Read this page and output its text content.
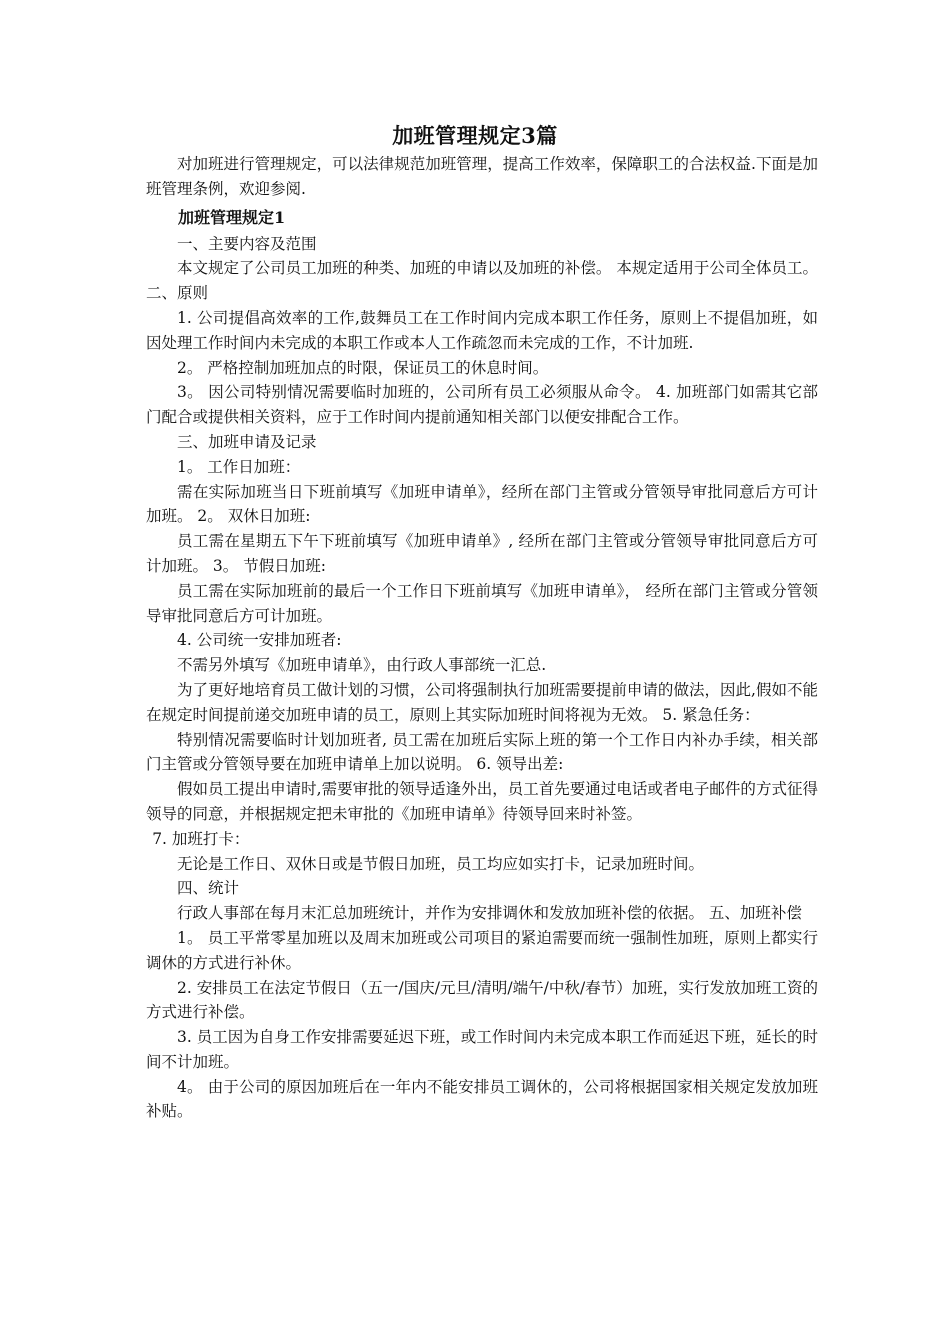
加班管理规定3篇

对加班进行管理规定，可以法律规范加班管理，提高工作效率，保障职工的合法权益.下面是加班管理条例，欢迎参阅.

加班管理规定1

一、主要内容及范围

本文规定了公司员工加班的种类、加班的申请以及加班的补偿。 本规定适用于公司全体员工。 二、原则

1. 公司提倡高效率的工作,鼓舞员工在工作时间内完成本职工作任务，原则上不提倡加班，如因处理工作时间内未完成的本职工作或本人工作疏忽而未完成的工作，不计加班.

2。 严格控制加班加点的时限，保证员工的休息时间。

3。 因公司特别情况需要临时加班的，公司所有员工必须服从命令。 4. 加班部门如需其它部门配合或提供相关资料，应于工作时间内提前通知相关部门以便安排配合工作。

三、加班申请及记录

1。 工作日加班：

需在实际加班当日下班前填写《加班申请单》，经所在部门主管或分管领导审批同意后方可计加班。 2。 双休日加班:

员工需在星期五下午下班前填写《加班申请单》, 经所在部门主管或分管领导审批同意后方可计加班。 3。 节假日加班:

员工需在实际加班前的最后一个工作日下班前填写《加班申请单》， 经所在部门主管或分管领导审批同意后方可计加班。

4. 公司统一安排加班者:

不需另外填写《加班申请单》，由行政人事部统一汇总.

为了更好地培育员工做计划的习惯，公司将强制执行加班需要提前申请的做法，因此,假如不能在规定时间提前递交加班申请的员工，原则上其实际加班时间将视为无效。 5. 紧急任务：

特别情况需要临时计划加班者, 员工需在加班后实际上班的第一个工作日内补办手续，相关部门主管或分管领导要在加班申请单上加以说明。 6. 领导出差:

假如员工提出申请时,需要审批的领导适逢外出，员工首先要通过电话或者电子邮件的方式征得领导的同意，并根据规定把未审批的《加班申请单》待领导回来时补签。

7. 加班打卡：

无论是工作日、双休日或是节假日加班，员工均应如实打卡，记录加班时间。

四、统计

行政人事部在每月末汇总加班统计，并作为安排调休和发放加班补偿的依据。 五、加班补偿

1。 员工平常零星加班以及周末加班或公司项目的紧迫需要而统一强制性加班，原则上都实行调休的方式进行补休。

2. 安排员工在法定节假日（五一/国庆/元旦/清明/端午/中秋/春节）加班，实行发放加班工资的方式进行补偿。

3. 员工因为自身工作安排需要延迟下班，或工作时间内未完成本职工作而延迟下班，延长的时间不计加班。

4。 由于公司的原因加班后在一年内不能安排员工调休的，公司将根据国家相关规定发放加班补贴。
